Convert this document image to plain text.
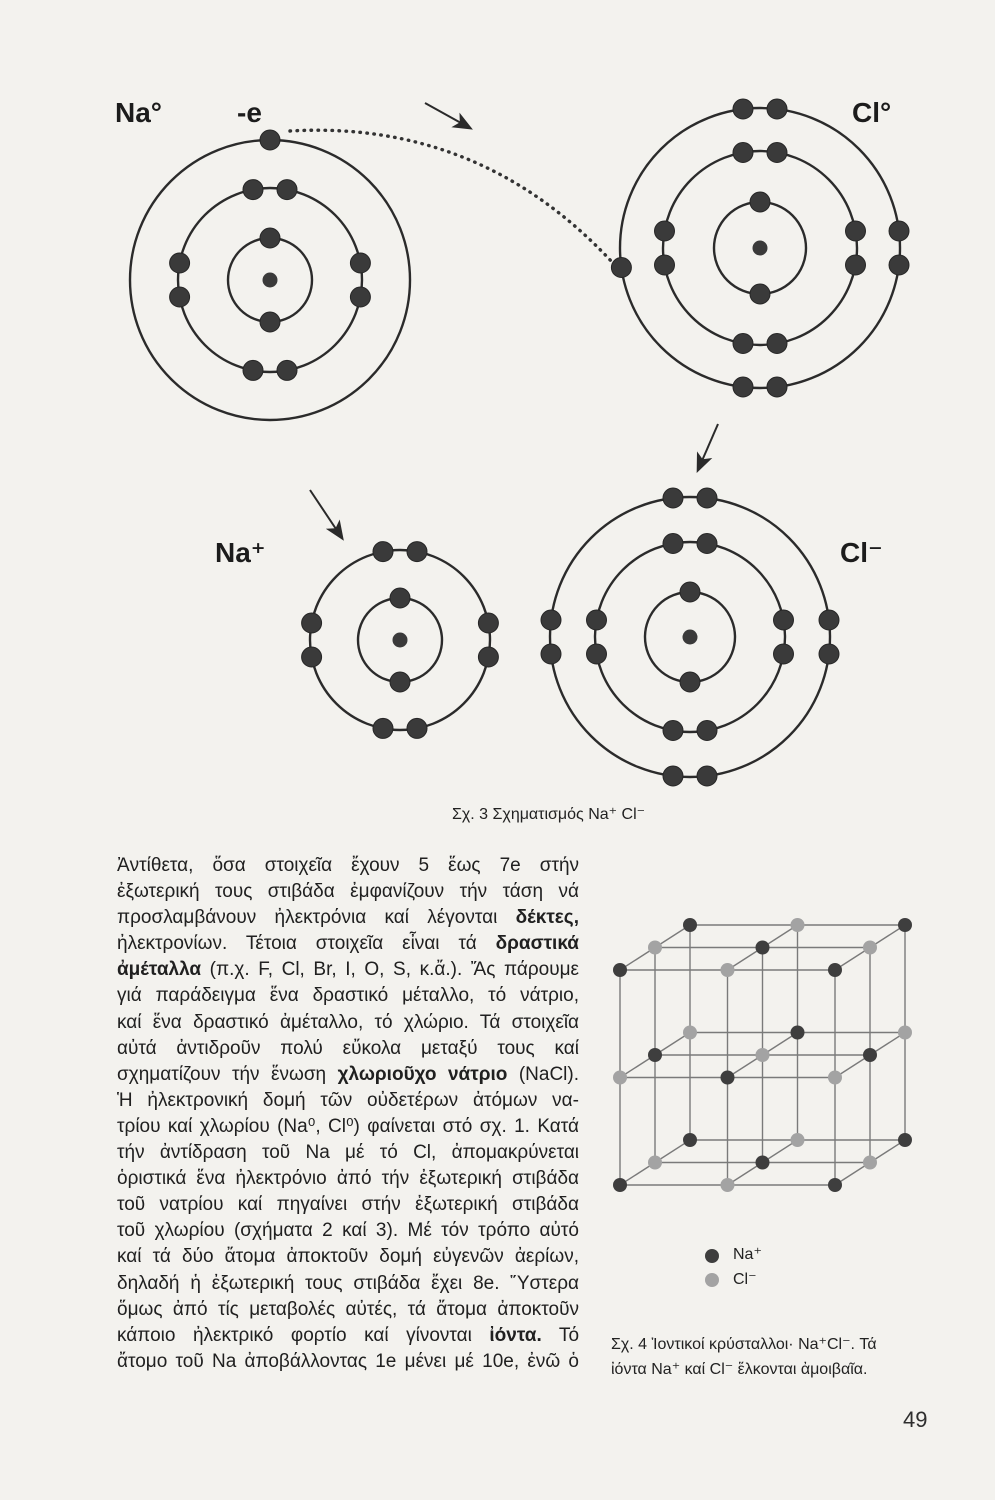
Na°	-e	Cl°
Na⁺	Cl⁻
Σχ. 3 Σχηματισμός Na⁺ Cl⁻
Ἀντίθετα, ὅσα στοιχεῖα ἔχουν 5 ἕως 7e στήν
ἐξωτερική τους στιβάδα ἐμφανίζουν τήν τάση νά
προσλαμβάνουν ἠλεκτρόνια καί λέγονται δέκτες,
ἠλεκτρονίων. Τέτοια στοιχεῖα εἶναι τά δραστικά
ἀμέταλλα (π.χ. F, Cl, Br, I, O, S, κ.ἄ.). Ἄς πάρουμε
γιά παράδειγμα ἕνα δραστικό μέταλλο, τό νάτριο,
καί ἕνα δραστικό ἀμέταλλο, τό χλώριο. Τά στοιχεῖα
αὐτά ἀντιδροῦν πολύ εὔκολα μεταξύ τους καί
σχηματίζουν τήν ἕνωση χλωριοῦχο νάτριο (NaCl).
Ἡ ἠλεκτρονική δομή τῶν οὐδετέρων ἀτόμων να-
τρίου καί χλωρίου (Na⁰, Cl⁰) φαίνεται στό σχ. 1. Κατά
τήν ἀντίδραση τοῦ Na μέ τό Cl, ἀπομακρύνεται
ὁριστικά ἕνα ἠλεκτρόνιο ἀπό τήν ἐξωτερική στιβάδα
τοῦ νατρίου καί πηγαίνει στήν ἐξωτερική στιβάδα
τοῦ χλωρίου (σχήματα 2 καί 3). Μέ τόν τρόπο αὐτό
καί τά δύο ἄτομα ἀποκτοῦν δομή εὐγενῶν ἀερίων,
δηλαδή ἡ ἐξωτερική τους στιβάδα ἔχει 8e. Ὕστερα
ὅμως ἀπό τίς μεταβολές αὐτές, τά ἄτομα ἀποκτοῦν
κάποιο ἠλεκτρικό φορτίο καί γίνονται ἰόντα. Τό
ἄτομο τοῦ Na ἀποβάλλοντας 1e μένει μέ 10e, ἐνῶ ὁ
Na⁺
Cl⁻
Σχ. 4 Ἰοντικοί κρύσταλλοι· Na⁺Cl⁻. Τά
ἰόντα Na⁺ καί Cl⁻ ἕλκονται ἀμοιβαῖα.
49
